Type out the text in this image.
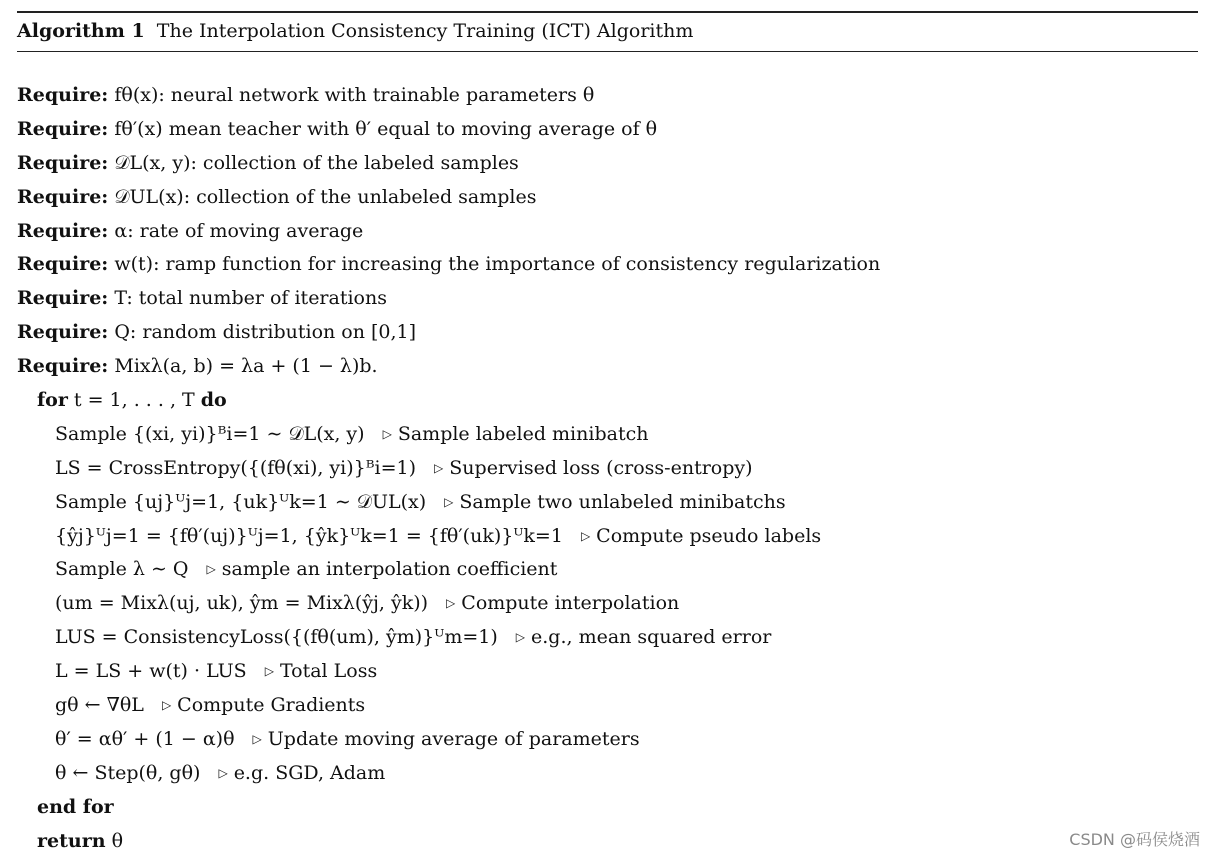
Algorithm 1 The Interpolation Consistency Training (ICT) Algorithm
Require: fθ(x): neural network with trainable parameters θ
Require: fθ′(x) mean teacher with θ′ equal to moving average of θ
Require: 𝒟L(x, y): collection of the labeled samples
Require: 𝒟UL(x): collection of the unlabeled samples
Require: α: rate of moving average
Require: w(t): ramp function for increasing the importance of consistency regularization
Require: T: total number of iterations
Require: Q: random distribution on [0,1]
Require: Mixλ(a, b) = λa + (1 − λ)b.
for t = 1, . . . , T do
Sample {(xi, yi)}ᴮi=1 ∼ 𝒟L(x, y) ▷ Sample labeled minibatch
LS = CrossEntropy({(fθ(xi), yi)}ᴮi=1) ▷ Supervised loss (cross-entropy)
Sample {uj}ᵁj=1, {uk}ᵁk=1 ∼ 𝒟UL(x) ▷ Sample two unlabeled minibatchs
{ŷj}ᵁj=1 = {fθ′(uj)}ᵁj=1, {ŷk}ᵁk=1 = {fθ′(uk)}ᵁk=1 ▷ Compute pseudo labels
Sample λ ∼ Q ▷ sample an interpolation coefficient
(um = Mixλ(uj, uk), ŷm = Mixλ(ŷj, ŷk)) ▷ Compute interpolation
LUS = ConsistencyLoss({(fθ(um), ŷm)}ᵁm=1) ▷ e.g., mean squared error
L = LS + w(t) · LUS ▷ Total Loss
gθ ← ∇θL ▷ Compute Gradients
θ′ = αθ′ + (1 − α)θ ▷ Update moving average of parameters
θ ← Step(θ, gθ) ▷ e.g. SGD, Adam
end for
return θ	CSDN @码侯烧酒
